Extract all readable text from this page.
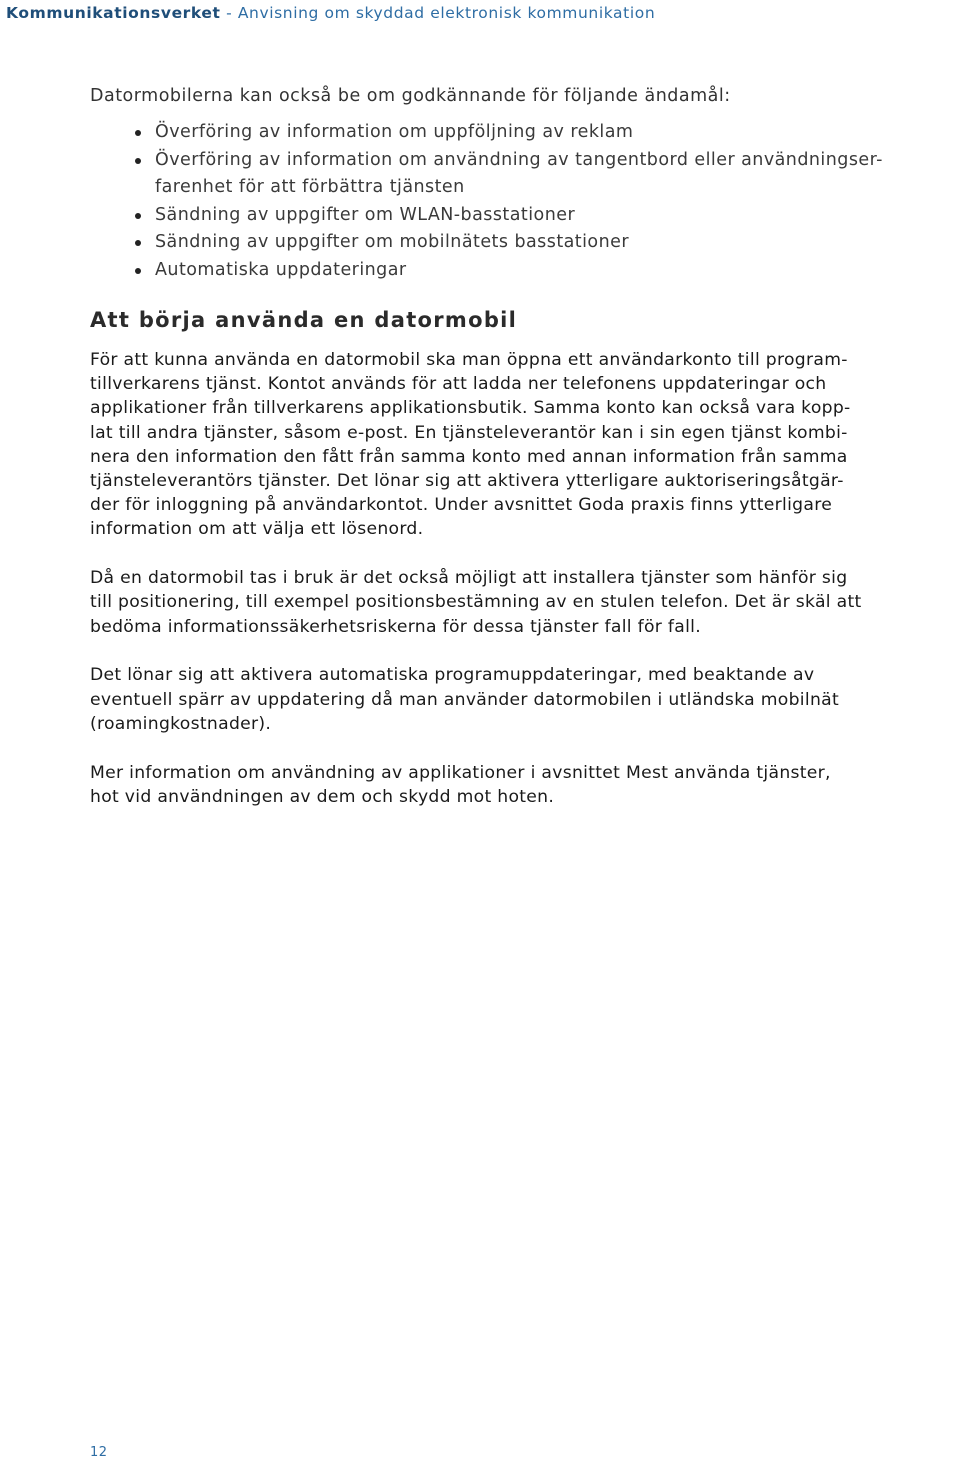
Kommunikationsverket - Anvisning om skyddad elektronisk kommunikation

Datormobilerna kan också be om godkännande för följande ändamål:

Överföring av information om uppföljning av reklam
Överföring av information om användning av tangentbord eller användningser-
farenhet för att förbättra tjänsten
Sändning av uppgifter om WLAN-basstationer
Sändning av uppgifter om mobilnätets basstationer
Automatiska uppdateringar
Att börja använda en datormobil

För att kunna använda en datormobil ska man öppna ett användarkonto till program-
tillverkarens tjänst. Kontot används för att ladda ner telefonens uppdateringar och
applikationer från tillverkarens applikationsbutik. Samma konto kan också vara kopp-
lat till andra tjänster, såsom e-post. En tjänsteleverantör kan i sin egen tjänst kombi-
nera den information den fått från samma konto med annan information från samma
tjänsteleverantörs tjänster. Det lönar sig att aktivera ytterligare auktoriseringsåtgär-
der för inloggning på användarkontot. Under avsnittet Goda praxis finns ytterligare
information om att välja ett lösenord.

Då en datormobil tas i bruk är det också möjligt att installera tjänster som hänför sig
till positionering, till exempel positionsbestämning av en stulen telefon. Det är skäl att
bedöma informationssäkerhetsriskerna för dessa tjänster fall för fall.

Det lönar sig att aktivera automatiska programuppdateringar, med beaktande av
eventuell spärr av uppdatering då man använder datormobilen i utländska mobilnät
(roamingkostnader).

Mer information om användning av applikationer i avsnittet Mest använda tjänster,
hot vid användningen av dem och skydd mot hoten.

12
